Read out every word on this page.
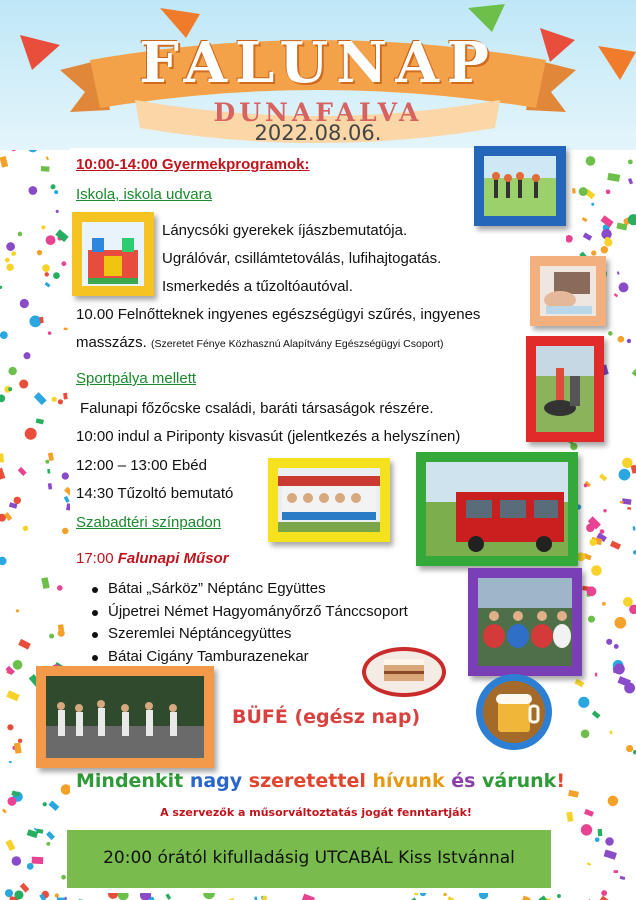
FALUNAP
DUNAFALVA
2022.08.06.
10:00-14:00 Gyermekprogramok:
Iskola, iskola udvara
Lánycsóki gyerekek íjászbemutatója.
Ugrálóvár, csillámtetoválás, lufihajtogatás.
Ismerkedés a tűzoltóautóval.
10.00 Felnőtteknek ingyenes egészségügyi szűrés, ingyenes
masszázs. (Szeretet Fénye Közhasznú Alapítvány Egészségügyi Csoport)
Sportpálya mellett
Falunapi főzőcske családi, baráti társaságok részére.
10:00 indul a Piriponty kisvasút (jelentkezés a helyszínen)
12:00 – 13:00 Ebéd
14:30 Tűzoltó bemutató
Szabadtéri színpadon
17:00 Falunapi Műsor
Bátai „Sárköz” Néptánc Együttes
Újpetrei Német Hagyományőrző Tánccsoport
Szeremlei Néptáncegyüttes
Bátai Cigány Tamburazenekar
BÜFÉ (egész nap)
Mindenkit nagy szeretettel hívunk és várunk!
A szervezők a műsorváltoztatás jogát fenntartják!
20:00 órától kifulladásig UTCABÁL Kiss Istvánnal
